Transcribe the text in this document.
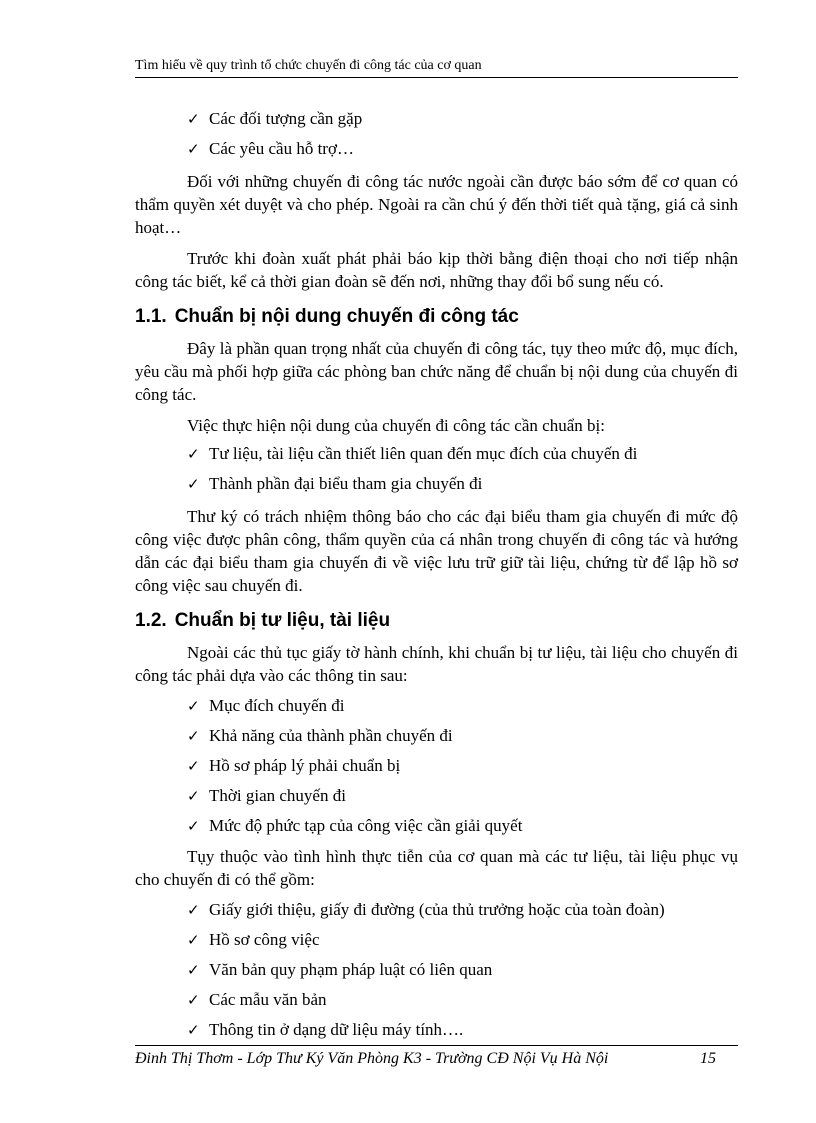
Tìm hiểu về quy trình tổ chức chuyến đi công tác của cơ quan
✓ Các đối tượng cần gặp
✓ Các yêu cầu hỗ trợ…

Đối với những chuyến đi công tác nước ngoài cần được báo sớm để cơ quan có thẩm quyền xét duyệt và cho phép. Ngoài ra cần chú ý đến thời tiết quà tặng, giá cả sinh hoạt…

Trước khi đoàn xuất phát phải báo kịp thời bằng điện thoại cho nơi tiếp nhận công tác biết, kể cả thời gian đoàn sẽ đến nơi, những thay đổi bổ sung nếu có.

1.1. Chuẩn bị nội dung chuyến đi công tác

Đây là phần quan trọng nhất của chuyến đi công tác, tụy theo mức độ, mục đích, yêu cầu mà phối hợp giữa các phòng ban chức năng để chuẩn bị nội dung của chuyến đi công tác.

Việc thực hiện nội dung của chuyến đi công tác cần chuẩn bị:

✓ Tư liệu, tài liệu cần thiết liên quan đến mục đích của chuyến đi
✓ Thành phần đại biểu tham gia chuyến đi

Thư ký có trách nhiệm thông báo cho các đại biểu tham gia chuyến đi mức độ công việc được phân công, thẩm quyền của cá nhân trong chuyến đi công tác và hướng dẫn các đại biểu tham gia chuyến đi về việc lưu trữ giữ tài liệu, chứng từ để lập hồ sơ công việc sau chuyến đi.

1.2. Chuẩn bị tư liệu, tài liệu

Ngoài các thủ tục giấy tờ hành chính, khi chuẩn bị tư liệu, tài liệu cho chuyến đi công tác phải dựa vào các thông tin sau:

✓ Mục đích chuyến đi
✓ Khả năng của thành phần chuyến đi
✓ Hồ sơ pháp lý phải chuẩn bị
✓ Thời gian chuyến đi
✓ Mức độ phức tạp của công việc cần giải quyết

Tụy thuộc vào tình hình thực tiễn của cơ quan mà các tư liệu, tài liệu phục vụ cho chuyến đi có thể gồm:

✓ Giấy giới thiệu, giấy đi đường (của thủ trưởng hoặc của toàn đoàn)
✓ Hồ sơ công việc
✓ Văn bản quy phạm pháp luật có liên quan
✓ Các mẫu văn bản
✓ Thông tin ở dạng dữ liệu máy tính….
Đinh Thị Thơm - Lớp Thư Ký Văn Phòng K3 - Trường CĐ Nội Vụ Hà Nội	15
